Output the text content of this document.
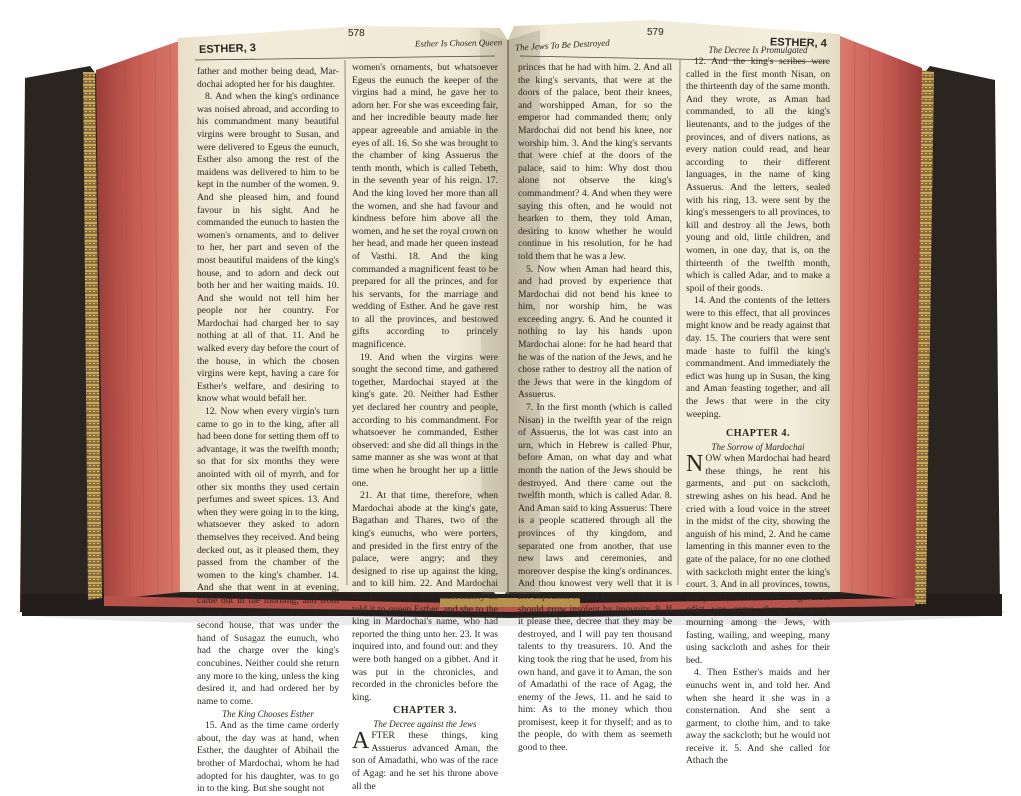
ESTHER, 3
578
Esther Is Chosen Queen

father and mother being dead, Mar-dochai adopted her for his daughter.

8. And when the king's ordinance was noised abroad, and according to his commandment many beautiful virgins were brought to Susan, and were delivered to Egeus the eunuch, Esther also among the rest of the maidens was delivered to him to be kept in the number of the women. 9. And she pleased him, and found favour in his sight. And he commanded the eunuch to hasten the women's ornaments, and to deliver to her, her part and seven of the most beautiful maidens of the king's house, and to adorn and deck out both her and her waiting maids. 10. And she would not tell him her people nor her country. For Mardochai had charged her to say nothing at all of that. 11. And he walked every day before the court of the house, in which the chosen virgins were kept, having a care for Esther's welfare, and desiring to know what would befall her.

12. Now when every virgin's turn came to go in to the king, after all had been done for setting them off to advantage, it was the twelfth month; so that for six months they were anointed with oil of myrrh, and for other six months they used certain perfumes and sweet spices. 13. And when they were going in to the king, whatsoever they asked to adorn themselves they received. And being decked out, as it pleased them, they passed from the chamber of the women to the king's chamber. 14. And she that went in at evening, came out in the morning, and from thence she was conducted to the second house, that was under the hand of Susagaz the eunuch, who had the charge over the king's concubines. Neither could she return any more to the king, unless the king desired it, and had ordered her by name to come.

The King Chooses Esther

15. And as the time came orderly about, the day was at hand, when Esther, the daughter of Abihail the brother of Mardochai, whom he had adopted for his daughter, was to go in to the king. But she sought not

women's ornaments, but whatsoever Egeus the eunuch the keeper of the virgins had a mind, he gave her to adorn her. For she was exceeding fair, and her incredible beauty made her appear agreeable and amiable in the eyes of all. 16. So she was brought to the chamber of king Assuerus the tenth month, which is called Tebeth, in the seventh year of his reign. 17. And the king loved her more than all the women, and she had favour and kindness before him above all the women, and he set the royal crown on her head, and made her queen instead of Vasthi. 18. And the king commanded a magnificent feast to be prepared for all the princes, and for his servants, for the marriage and wedding of Esther. And he gave rest to all the provinces, and bestowed gifts according to princely magnificence.

19. And when the virgins were sought the second time, and gathered together, Mardochai stayed at the king's gate. 20. Neither had Esther yet declared her country and people, according to his commandment. For whatsoever he commanded, Esther observed: and she did all things in the same manner as she was wont at that time when he brought her up a little one.

21. At that time, therefore, when Mardochai abode at the king's gate, Bagathan and Thares, two of the king's eunuchs, who were porters, and presided in the first entry of the palace, were angry; and they designed to rise up against the king, and to kill him. 22. And Mardochai had notice of it, and immediately he told it to queen Esther, and she to the king in Mardochai's name, who had reported the thing unto her. 23. It was inquired into, and found out: and they were both hanged on a gibbet. And it was put in the chronicles, and recorded in the chronicles before the king.

CHAPTER 3.

The Decree against the Jews

AFTER these things, king Assuerus advanced Aman, the son of Amadathi, who was of the race of Agag: and he set his throne above all the

The Jews To Be Destroyed
579
ESTHER, 4

princes that he had with him. 2. And all the king's servants, that were at the doors of the palace, bent their knees, and worshipped Aman, for so the emperor had commanded them; only Mardochai did not bend his knee, nor worship him. 3. And the king's servants that were chief at the doors of the palace, said to him: Why dost thou alone not observe the king's commandment? 4. And when they were saying this often, and he would not hearken to them, they told Aman, desiring to know whether he would continue in his resolution, for he had told them that he was a Jew.

5. Now when Aman had heard this, and had proved by experience that Mardochai did not bend his knee to him, nor worship him, he was exceeding angry. 6. And he counted it nothing to lay his hands upon Mardochai alone: for he had heard that he was of the nation of the Jews, and he chose rather to destroy all the nation of the Jews that were in the kingdom of Assuerus.

7. In the first month (which is called Nisan) in the twelfth year of the reign of Assuerus, the lot was cast into an urn, which in Hebrew is called Phur, before Aman, on what day and what month the nation of the Jews should be destroyed. And there came out the twelfth month, which is called Adar. 8. And Aman said to king Assuerus: There is a people scattered through all the provinces of thy kingdom, and separated one from another, that use new laws and ceremonies, and moreover despise the king's ordinances. And thou knowest very well that it is not expedient for thy kingdom that they should grow insolent by impunity. 9. If it please thee, decree that they may be destroyed, and I will pay ten thousand talents to thy treasurers. 10. And the king took the ring that he used, from his own hand, and gave it to Aman, the son of Amadathi of the race of Agag, the enemy of the Jews, 11. and he said to him: As to the money which thou promisest, keep it for thyself; and as to the people, do with them as seemeth good to thee.

The Decree Is Promulgated

12. And the king's scribes were called in the first month Nisan, on the thirteenth day of the same month. And they wrote, as Aman had commanded, to all the king's lieutenants, and to the judges of the provinces, and of divers nations, as every nation could read, and hear according to their different languages, in the name of king Assuerus. And the letters, sealed with his ring, 13. were sent by the king's messengers to all provinces, to kill and destroy all the Jews, both young and old, little children, and women, in one day, that is, on the thirteenth of the twelfth month, which is called Adar, and to make a spoil of their goods.

14. And the contents of the letters were to this effect, that all provinces might know and be ready against that day. 15. The couriers that were sent made haste to fulfil the king's commandment. And immediately the edict was hung up in Susan, the king and Aman feasting together, and all the Jews that were in the city weeping.

CHAPTER 4.

The Sorrow of Mardochai

NOW when Mardochai had heard these things, he rent his garments, and put on sackcloth, strewing ashes on his head. And he cried with a loud voice in the street in the midst of the city, showing the anguish of his mind, 2. And he came lamenting in this manner even to the gate of the palace, for no one clothed with sackcloth might enter the king's court. 3. And in all provinces, towns, and places, to which the king's cruel edict was come, there was great mourning among the Jews, with fasting, wailing, and weeping, many using sackcloth and ashes for their bed.

4. Then Esther's maids and her eunuchs went in, and told her. And when she heard it she was in a consternation. And she sent a garment, to clothe him, and to take away the sackcloth; but he would not receive it. 5. And she called for Athach the
